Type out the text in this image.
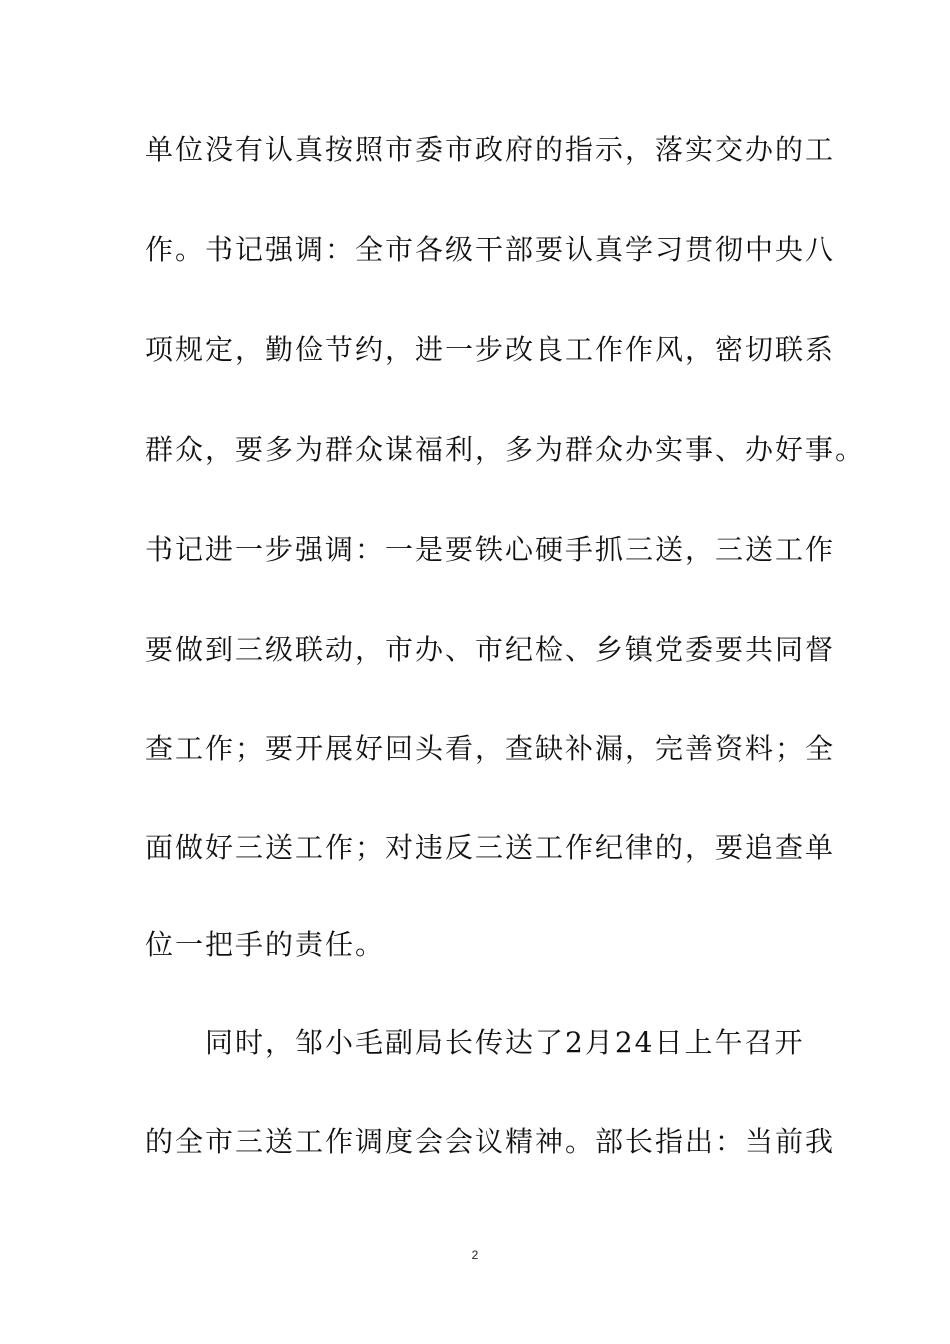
单位没有认真按照市委市政府的指示，落实交办的工
作。书记强调：全市各级干部要认真学习贯彻中央八
项规定，勤俭节约，进一步改良工作作风，密切联系
群众，要多为群众谋福利，多为群众办实事、办好事。
书记进一步强调：一是要铁心硬手抓三送，三送工作
要做到三级联动，市办、市纪检、乡镇党委要共同督
查工作；要开展好回头看，查缺补漏，完善资料；全
面做好三送工作；对违反三送工作纪律的，要追查单
位一把手的责任。
同时，邹小毛副局长传达了2月24日上午召开
的全市三送工作调度会会议精神。部长指出：当前我
2
